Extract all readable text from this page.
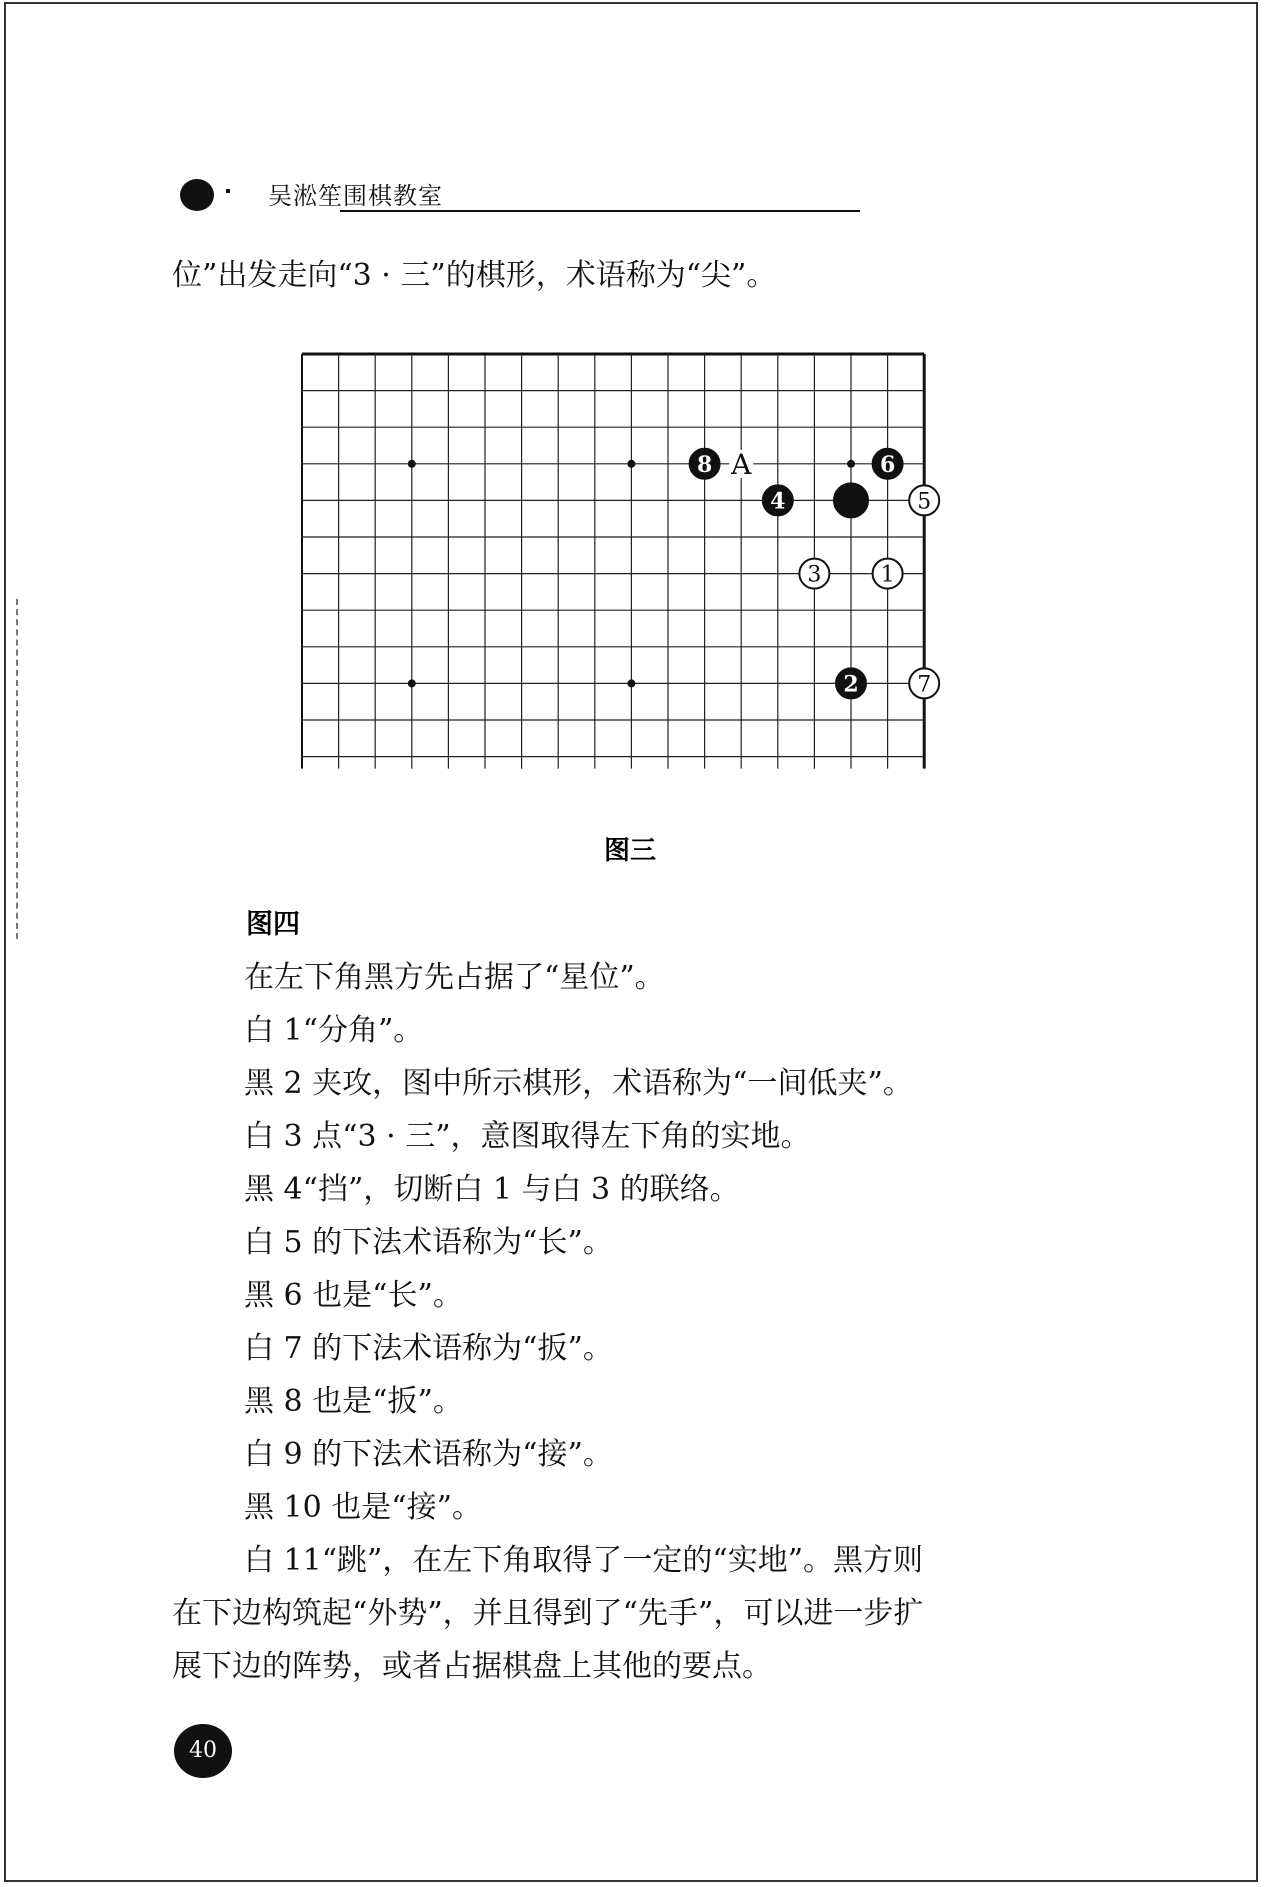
吴淞笙围棋教室
位”出发走向“3 · 三”的棋形，术语称为“尖”。
A
1
2
3
4	5
6
7
8
图三
图四
在左下角黑方先占据了“星位”。
白 1“分角”。
黑 2 夹攻，图中所示棋形，术语称为“一间低夹”。
白 3 点“3 · 三”，意图取得左下角的实地。
黑 4“挡”，切断白 1 与白 3 的联络。
白 5 的下法术语称为“长”。
黑 6 也是“长”。
白 7 的下法术语称为“扳”。
黑 8 也是“扳”。
白 9 的下法术语称为“接”。
黑 10 也是“接”。
白 11“跳”，在左下角取得了一定的“实地”。黑方则
在下边构筑起“外势”，并且得到了“先手”，可以进一步扩
展下边的阵势，或者占据棋盘上其他的要点。
40
